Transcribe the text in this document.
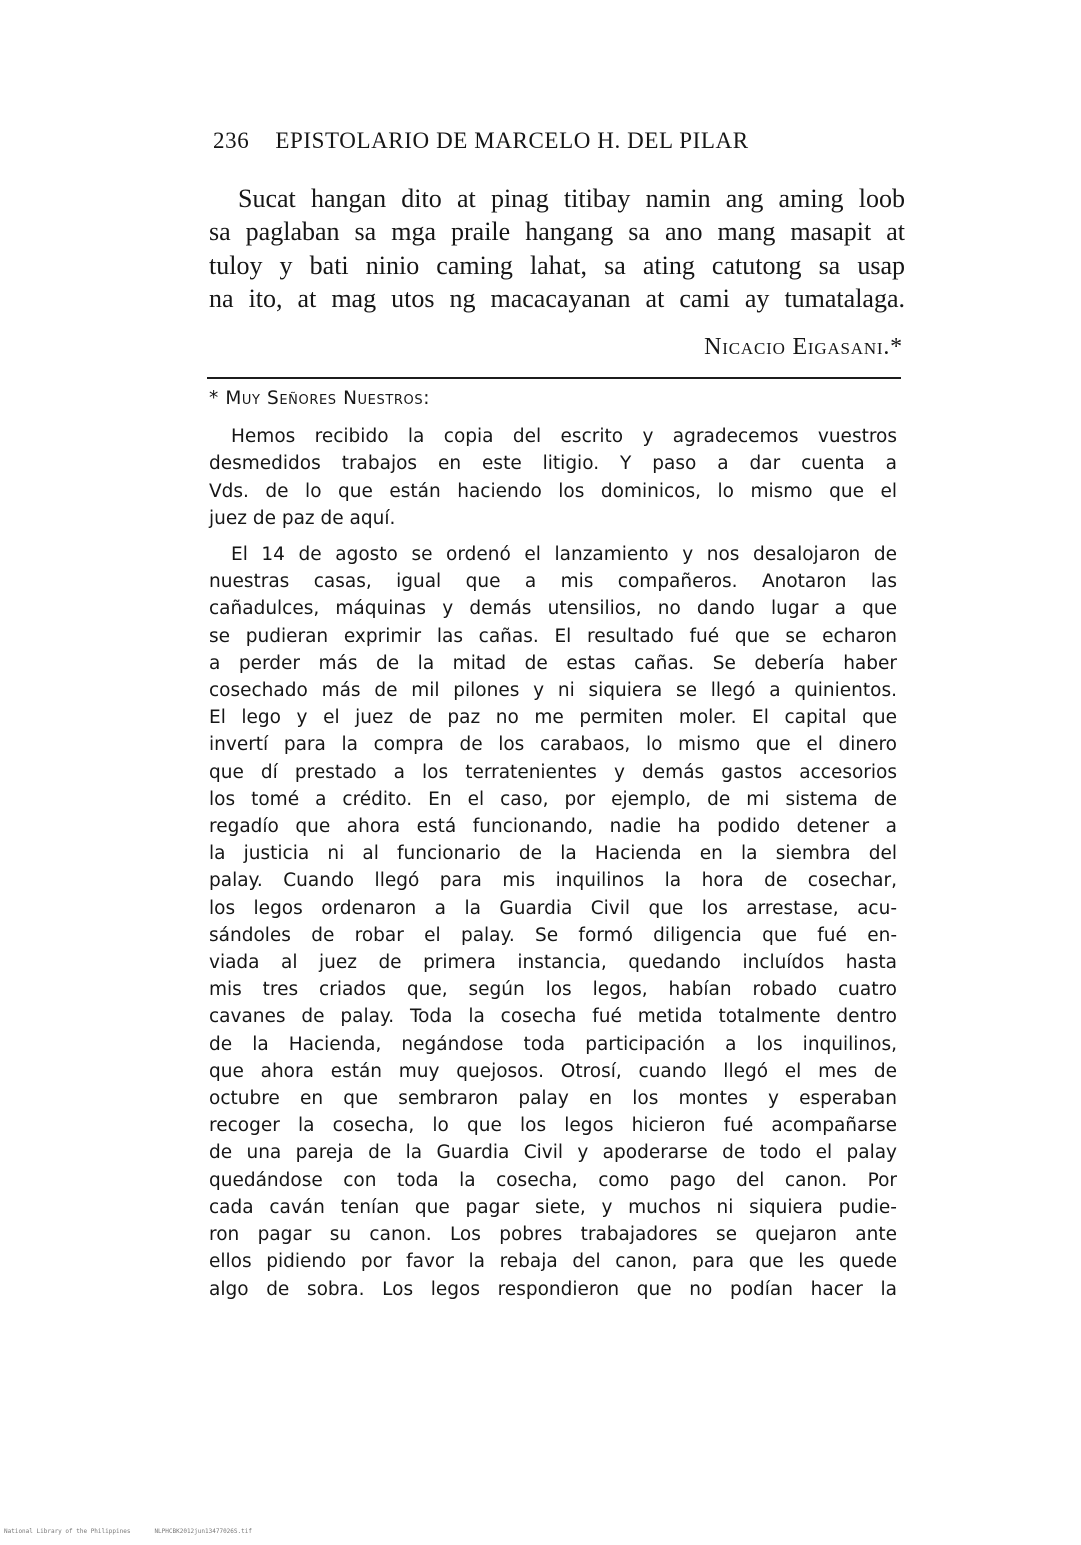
236 EPISTOLARIO DE MARCELO H. DEL PILAR
Sucat hangan dito at pinag titibay namin ang aming loob
sa paglaban sa mga praile hangang sa ano mang masapit at
tuloy y bati ninio caming lahat, sa ating catutong sa usap
na ito, at mag utos ng macacayanan at cami ay tumatalaga.
Nicacio Eigasani.*
* Muy Señores Nuestros:
Hemos recibido la copia del escrito y agradecemos vuestros
desmedidos trabajos en este litigio. Y paso a dar cuenta a
Vds. de lo que están haciendo los dominicos, lo mismo que el
juez de paz de aquí.
El 14 de agosto se ordenó el lanzamiento y nos desalojaron de
nuestras casas, igual que a mis compañeros. Anotaron las
cañadulces, máquinas y demás utensilios, no dando lugar a que
se pudieran exprimir las cañas. El resultado fué que se echaron
a perder más de la mitad de estas cañas. Se debería haber
cosechado más de mil pilones y ni siquiera se llegó a quinientos.
El lego y el juez de paz no me permiten moler. El capital que
invertí para la compra de los carabaos, lo mismo que el dinero
que dí prestado a los terratenientes y demás gastos accesorios
los tomé a crédito. En el caso, por ejemplo, de mi sistema de
regadío que ahora está funcionando, nadie ha podido detener a
la justicia ni al funcionario de la Hacienda en la siembra del
palay. Cuando llegó para mis inquilinos la hora de cosechar,
los legos ordenaron a la Guardia Civil que los arrestase, acu-
sándoles de robar el palay. Se formó diligencia que fué en-
viada al juez de primera instancia, quedando incluídos hasta
mis tres criados que, según los legos, habían robado cuatro
cavanes de palay. Toda la cosecha fué metida totalmente dentro
de la Hacienda, negándose toda participación a los inquilinos,
que ahora están muy quejosos. Otrosí, cuando llegó el mes de
octubre en que sembraron palay en los montes y esperaban
recoger la cosecha, lo que los legos hicieron fué acompañarse
de una pareja de la Guardia Civil y apoderarse de todo el palay
quedándose con toda la cosecha, como pago del canon. Por
cada caván tenían que pagar siete, y muchos ni siquiera pudie-
ron pagar su canon. Los pobres trabajadores se quejaron ante
ellos pidiendo por favor la rebaja del canon, para que les quede
algo de sobra. Los legos respondieron que no podían hacer la
National Library of the Philippines	NLPHCBK2012jun13477026S.tif
